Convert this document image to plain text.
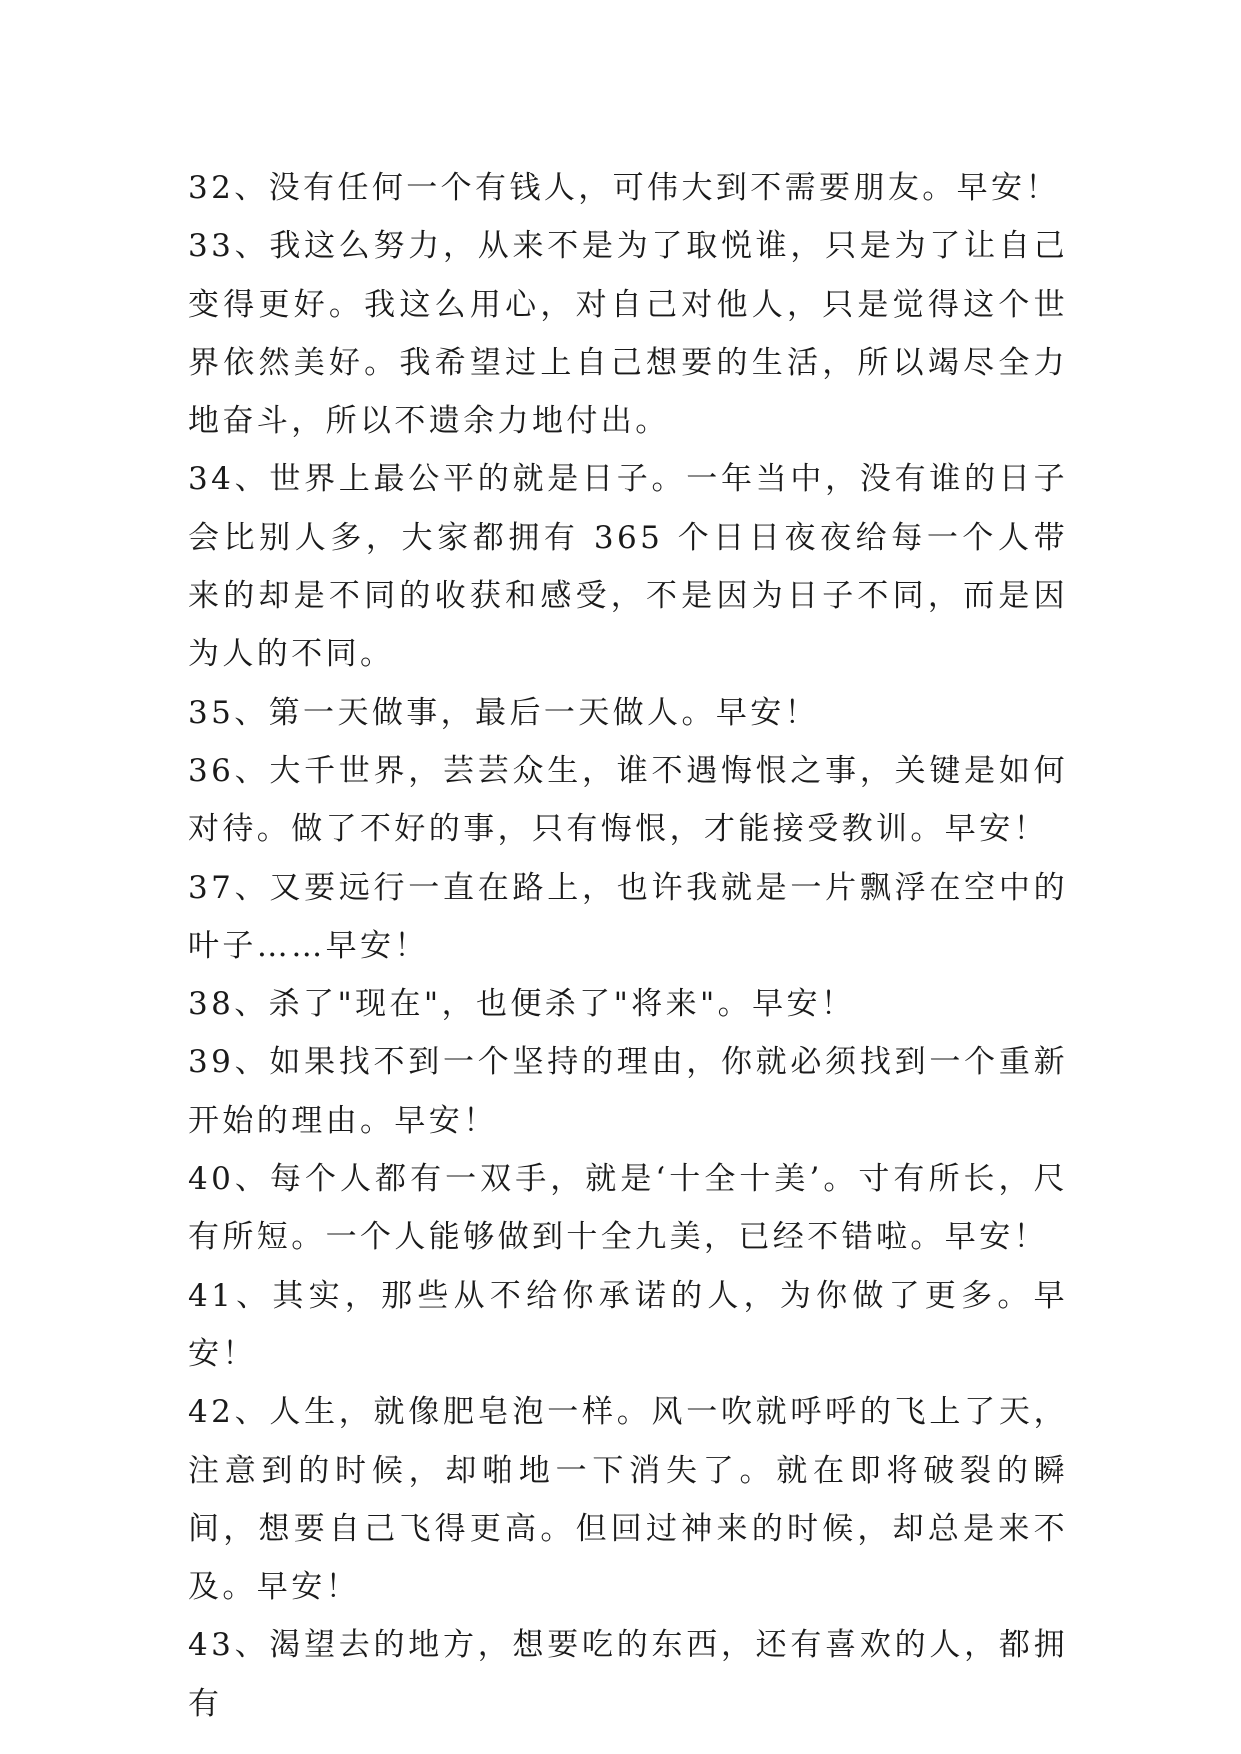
32、没有任何一个有钱人，可伟大到不需要朋友。早安！

33、我这么努力，从来不是为了取悦谁，只是为了让自己变得更好。我这么用心，对自己对他人，只是觉得这个世界依然美好。我希望过上自己想要的生活，所以竭尽全力地奋斗，所以不遗余力地付出。

34、世界上最公平的就是日子。一年当中，没有谁的日子会比别人多，大家都拥有 365 个日日夜夜给每一个人带来的却是不同的收获和感受，不是因为日子不同，而是因为人的不同。

35、第一天做事，最后一天做人。早安！

36、大千世界，芸芸众生，谁不遇悔恨之事，关键是如何对待。做了不好的事，只有悔恨，才能接受教训。早安！

37、又要远行一直在路上，也许我就是一片飘浮在空中的叶子……早安！

38、杀了"现在"，也便杀了"将来"。早安！

39、如果找不到一个坚持的理由，你就必须找到一个重新开始的理由。早安！

40、每个人都有一双手，就是‘十全十美’。寸有所长，尺有所短。一个人能够做到十全九美，已经不错啦。早安！

41、其实，那些从不给你承诺的人，为你做了更多。早安！

42、人生，就像肥皂泡一样。风一吹就呼呼的飞上了天，注意到的时候，却啪地一下消失了。就在即将破裂的瞬间，想要自己飞得更高。但回过神来的时候，却总是来不及。早安！

43、渴望去的地方，想要吃的东西，还有喜欢的人，都拥有
